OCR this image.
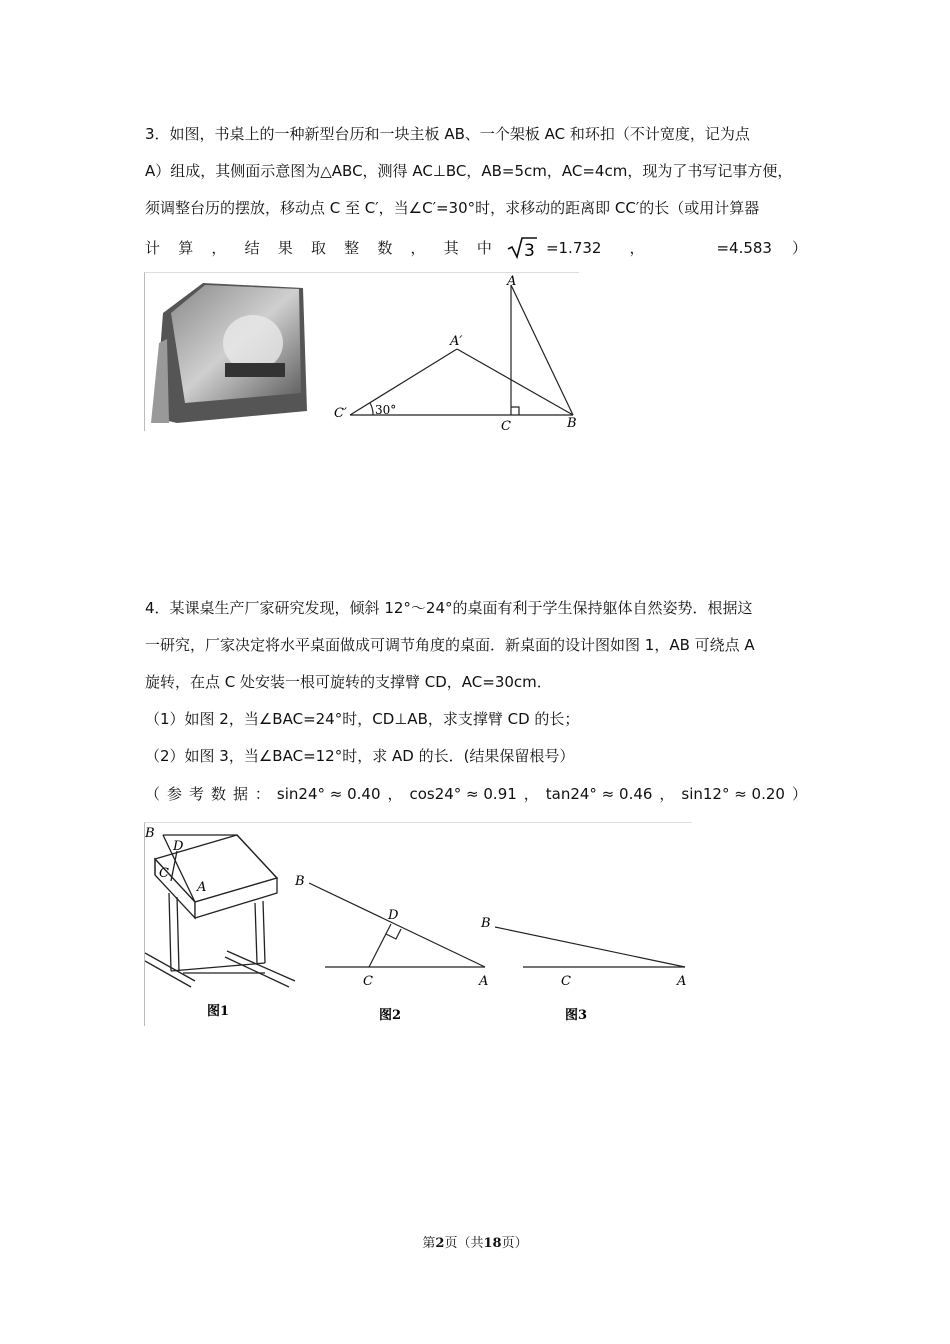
3．如图，书桌上的一种新型台历和一块主板 AB、一个架板 AC 和环扣（不计宽度，记为点
A）组成，其侧面示意图为△ABC，测得 AC⊥BC，AB=5cm，AC=4cm，现为了书写记事方便，
须调整台历的摆放，移动点 C 至 C′，当∠C′=30°时，求移动的距离即 CC′的长（或用计算器
计 算 ， 结 果 取 整 数 ， 其 中 3 =1.732 ，	=4.583 ）
A
A′
B
C
C′ 30°
4．某课桌生产厂家研究发现，倾斜 12°～24°的桌面有利于学生保持躯体自然姿势．根据这
一研究，厂家决定将水平桌面做成可调节角度的桌面．新桌面的设计图如图 1，AB 可绕点 A
旋转，在点 C 处安装一根可旋转的支撑臂 CD，AC=30cm．
（1）如图 2，当∠BAC=24°时，CD⊥AB，求支撑臂 CD 的长；
（2）如图 3，当∠BAC=12°时，求 AD 的长．(结果保留根号）
（ 参 考 数 据 ： sin24° ≈ 0.40 ， cos24° ≈ 0.91 ， tan24° ≈ 0.46 ， sin12° ≈ 0.20 ）
B
D
C
A
图1
B
D
C	A
图2
B
C	A
图3
第2页（共18页）
